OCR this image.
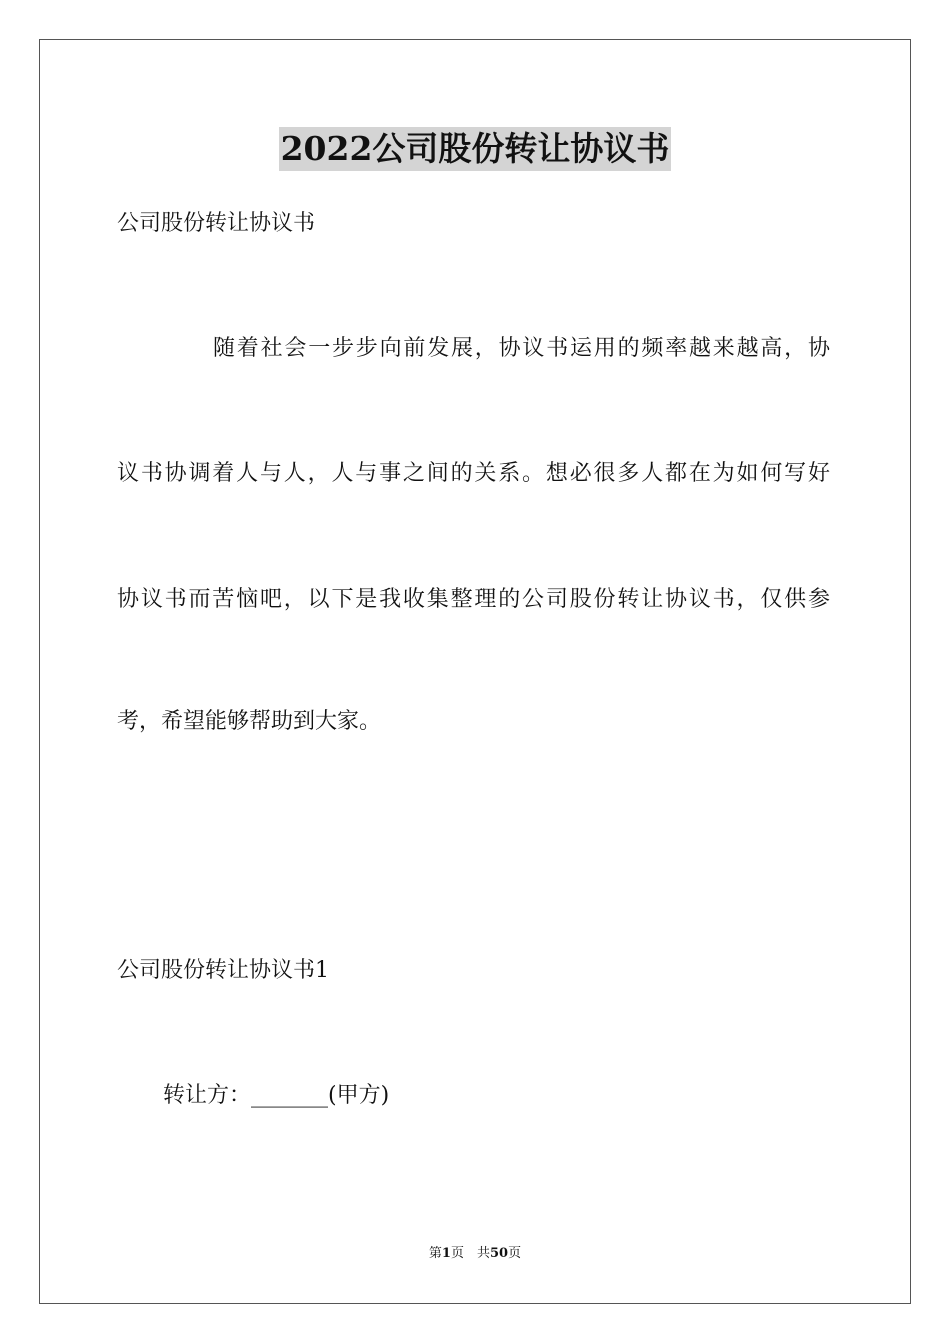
2022公司股份转让协议书
公司股份转让协议书
随着社会一步步向前发展，协议书运用的频率越来越高，协
议书协调着人与人，人与事之间的关系。想必很多人都在为如何写好
协议书而苦恼吧，以下是我收集整理的公司股份转让协议书，仅供参
考，希望能够帮助到大家。
公司股份转让协议书1
转让方：_______(甲方)
第1页　共50页
